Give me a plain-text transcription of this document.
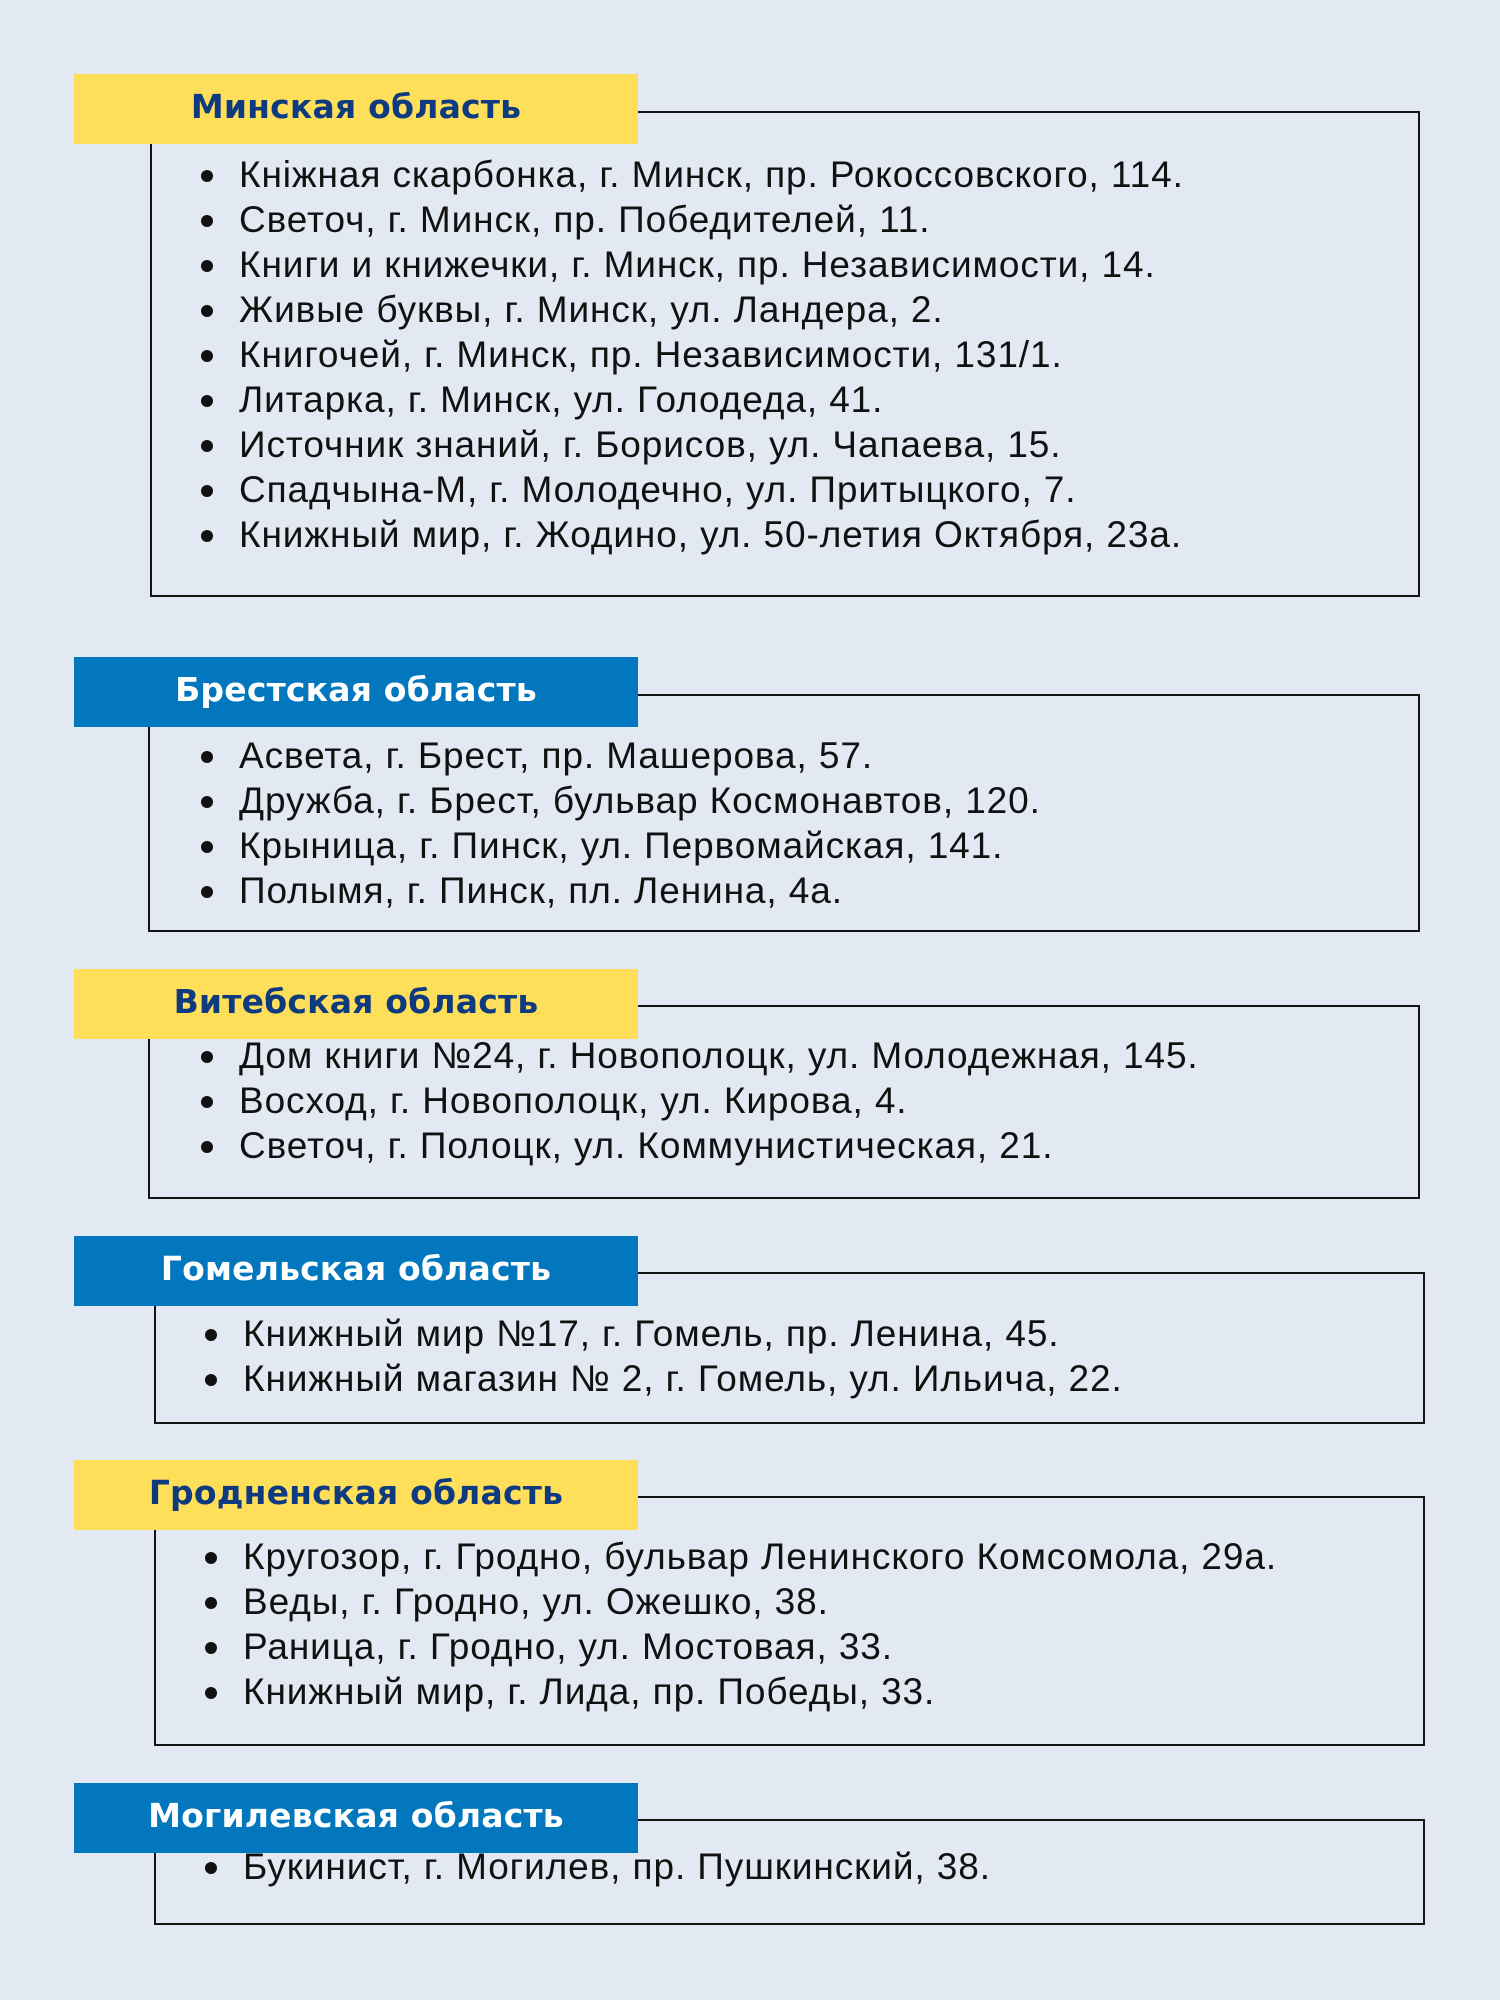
Минская область
Кніжная скарбонка, г. Минск, пр. Рокоссовского, 114.
Светоч, г. Минск, пр. Победителей, 11.
Книги и книжечки, г. Минск, пр. Независимости, 14.
Живые буквы, г. Минск, ул. Ландера, 2.
Книгочей, г. Минск, пр. Независимости, 131/1.
Литарка, г. Минск, ул. Голодеда, 41.
Источник знаний, г. Борисов, ул. Чапаева, 15.
Спадчына-М, г. Молодечно, ул. Притыцкого, 7.
Книжный мир, г. Жодино, ул. 50-летия Октября, 23а.
Брестская область
Асвета, г. Брест, пр. Машерова, 57.
Дружба, г. Брест, бульвар Космонавтов, 120.
Крыница, г. Пинск, ул. Первомайская, 141.
Полымя, г. Пинск, пл. Ленина, 4а.
Витебская область
Дом книги №24, г. Новополоцк, ул. Молодежная, 145.
Восход, г. Новополоцк, ул. Кирова, 4.
Светоч, г. Полоцк, ул. Коммунистическая, 21.
Гомельская область
Книжный мир №17, г. Гомель, пр. Ленина, 45.
Книжный магазин № 2, г. Гомель, ул. Ильича, 22.
Гродненская область
Кругозор, г. Гродно, бульвар Ленинского Комсомола, 29а.
Веды, г. Гродно, ул. Ожешко, 38.
Раница, г. Гродно, ул. Мостовая, 33.
Книжный мир, г. Лида, пр. Победы, 33.
Могилевская область
Букинист, г. Могилев, пр. Пушкинский, 38.
